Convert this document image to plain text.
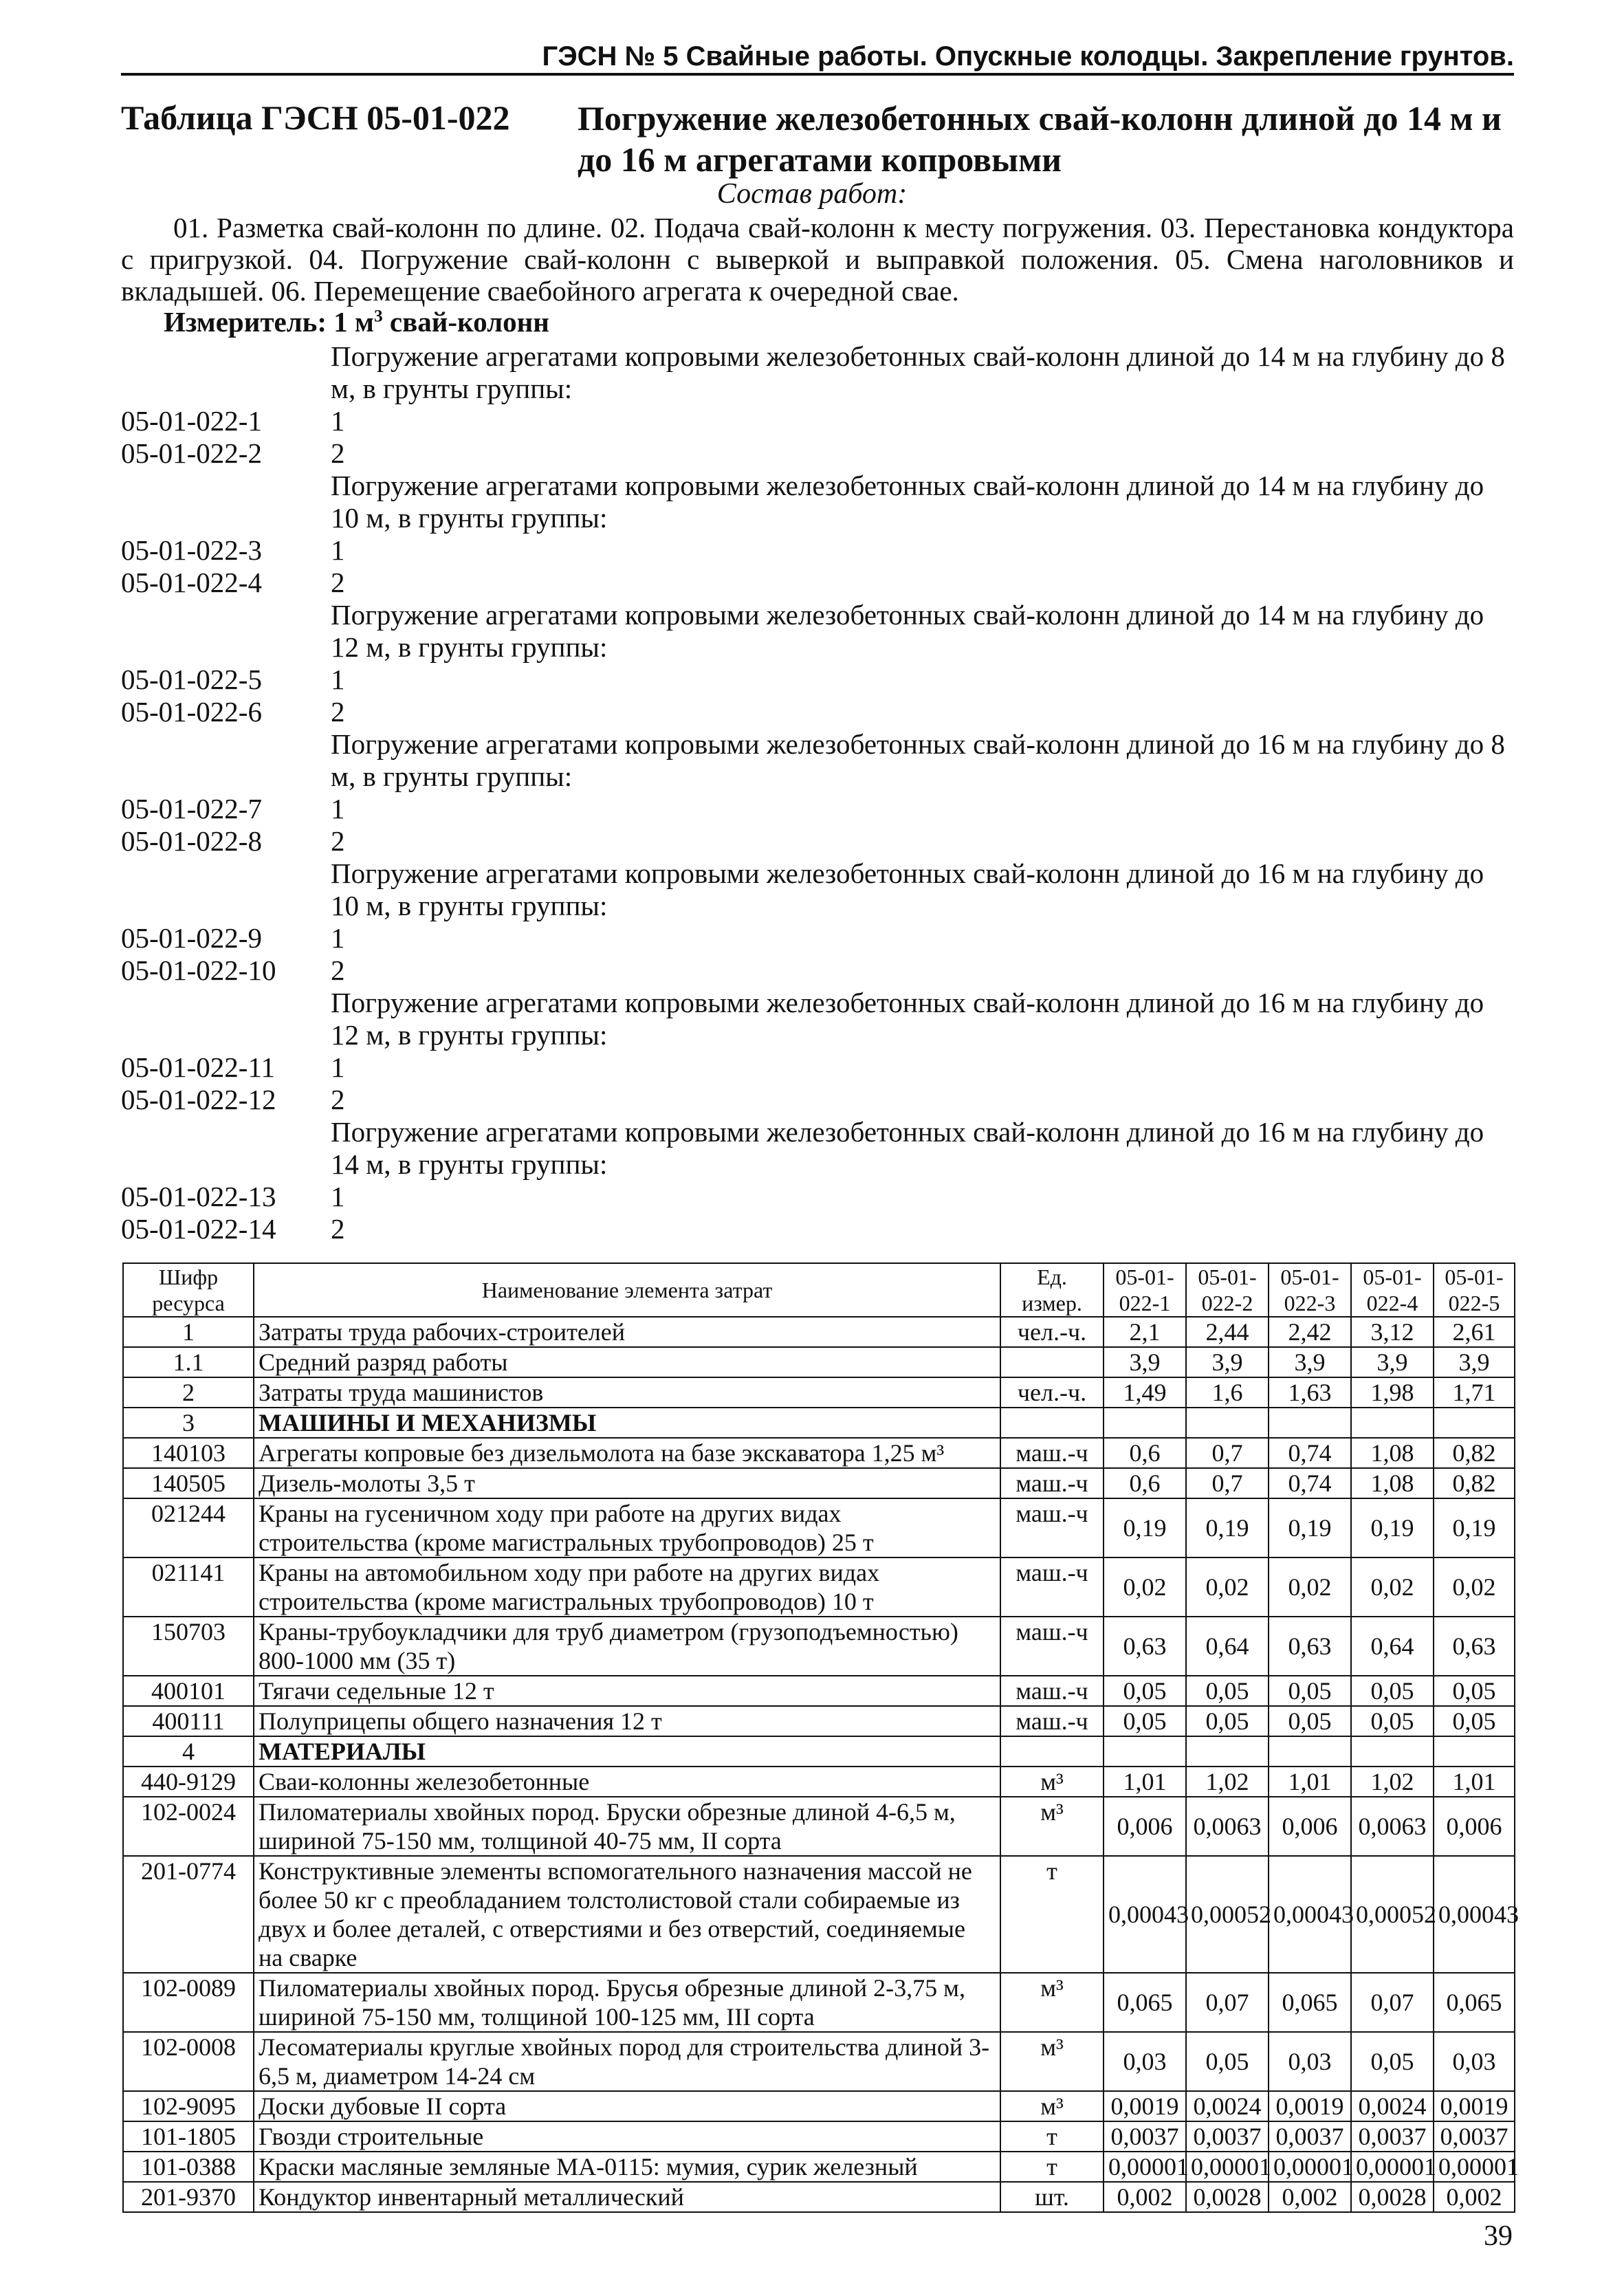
ГЭСН № 5 Свайные работы. Опускные колодцы. Закрепление грунтов.
Таблица ГЭСН 05-01-022 Погружение железобетонных свай-колонн длиной до 14 м и до 16 м агрегатами копровыми
Состав работ:
01. Разметка свай-колонн по длине. 02. Подача свай-колонн к месту погружения. 03. Перестановка кондуктора с пригрузкой. 04. Погружение свай-колонн с выверкой и выправкой положения. 05. Смена наголовников и вкладышей. 06. Перемещение сваебойного агрегата к очередной свае.
Измеритель: 1 $м^3$ свай-колонн
Погружение агрегатами копровыми железобетонных свай-колонн длиной до 14 м на глубину до 8 м, в грунты группы:
05-01-022-1	1
05-01-022-2	2
Погружение агрегатами копровыми железобетонных свай-колонн длиной до 14 м на глубину до 10 м, в грунты группы:
05-01-022-3	1
05-01-022-4	2
Погружение агрегатами копровыми железобетонных свай-колонн длиной до 14 м на глубину до 12 м, в грунты группы:
05-01-022-5	1
05-01-022-6	2
Погружение агрегатами копровыми железобетонных свай-колонн длиной до 16 м на глубину до 8 м, в грунты группы:
05-01-022-7	1
05-01-022-8	2
Погружение агрегатами копровыми железобетонных свай-колонн длиной до 16 м на глубину до 10 м, в грунты группы:
05-01-022-9	1
05-01-022-10	2
Погружение агрегатами копровыми железобетонных свай-колонн длиной до 16 м на глубину до 12 м, в грунты группы:
05-01-022-11	1
05-01-022-12	2
Погружение агрегатами копровыми железобетонных свай-колонн длиной до 16 м на глубину до 14 м, в грунты группы:
05-01-022-13	1
05-01-022-14	2
Шифр ресурса	Наименование элемента затрат	Ед. измер.	05-01-022-1	05-01-022-2	05-01-022-3	05-01-022-4	05-01-022-5
1	Затраты труда рабочих-строителей	чел.-ч.	2,1	2,44	2,42	3,12	2,61
1.1	Средний разряд работы		3,9	3,9	3,9	3,9	3,9
2	Затраты труда машинистов	чел.-ч.	1,49	1,6	1,63	1,98	1,71
3	МАШИНЫ И МЕХАНИЗМЫ						
140103	Агрегаты копровые без дизельмолота на базе экскаватора 1,25 м³	маш.-ч	0,6	0,7	0,74	1,08	0,82
140505	Дизель-молоты 3,5 т	маш.-ч	0,6	0,7	0,74	1,08	0,82
021244	Краны на гусеничном ходу при работе на других видах строительства (кроме магистральных трубопроводов) 25 т	маш.-ч	0,19	0,19	0,19	0,19	0,19
021141	Краны на автомобильном ходу при работе на других видах строительства (кроме магистральных трубопроводов) 10 т	маш.-ч	0,02	0,02	0,02	0,02	0,02
150703	Краны-трубоукладчики для труб диаметром (грузоподъемностью) 800-1000 мм (35 т)	маш.-ч	0,63	0,64	0,63	0,64	0,63
400101	Тягачи седельные 12 т	маш.-ч	0,05	0,05	0,05	0,05	0,05
400111	Полуприцепы общего назначения 12 т	маш.-ч	0,05	0,05	0,05	0,05	0,05
4	МАТЕРИАЛЫ						
440-9129	Сваи-колонны железобетонные	м³	1,01	1,02	1,01	1,02	1,01
102-0024	Пиломатериалы хвойных пород. Бруски обрезные длиной 4-6,5 м, шириной 75-150 мм, толщиной 40-75 мм, II сорта	м³	0,006	0,0063	0,006	0,0063	0,006
201-0774	Конструктивные элементы вспомогательного назначения массой не более 50 кг с преобладанием толстолистовой стали собираемые из двух и более деталей, с отверстиями и без отверстий, соединяемые на сварке	т	0,00043	0,00052	0,00043	0,00052	0,00043
102-0089	Пиломатериалы хвойных пород. Брусья обрезные длиной 2-3,75 м, шириной 75-150 мм, толщиной 100-125 мм, III сорта	м³	0,065	0,07	0,065	0,07	0,065
102-0008	Лесоматериалы круглые хвойных пород для строительства длиной 3-6,5 м, диаметром 14-24 см	м³	0,03	0,05	0,03	0,05	0,03
102-9095	Доски дубовые II сорта	м³	0,0019	0,0024	0,0019	0,0024	0,0019
101-1805	Гвозди строительные	т	0,0037	0,0037	0,0037	0,0037	0,0037
101-0388	Краски масляные земляные МА-0115: мумия, сурик железный	т	0,00001	0,00001	0,00001	0,00001	0,00001
201-9370	Кондуктор инвентарный металлический	шт.	0,002	0,0028	0,002	0,0028	0,002
39
